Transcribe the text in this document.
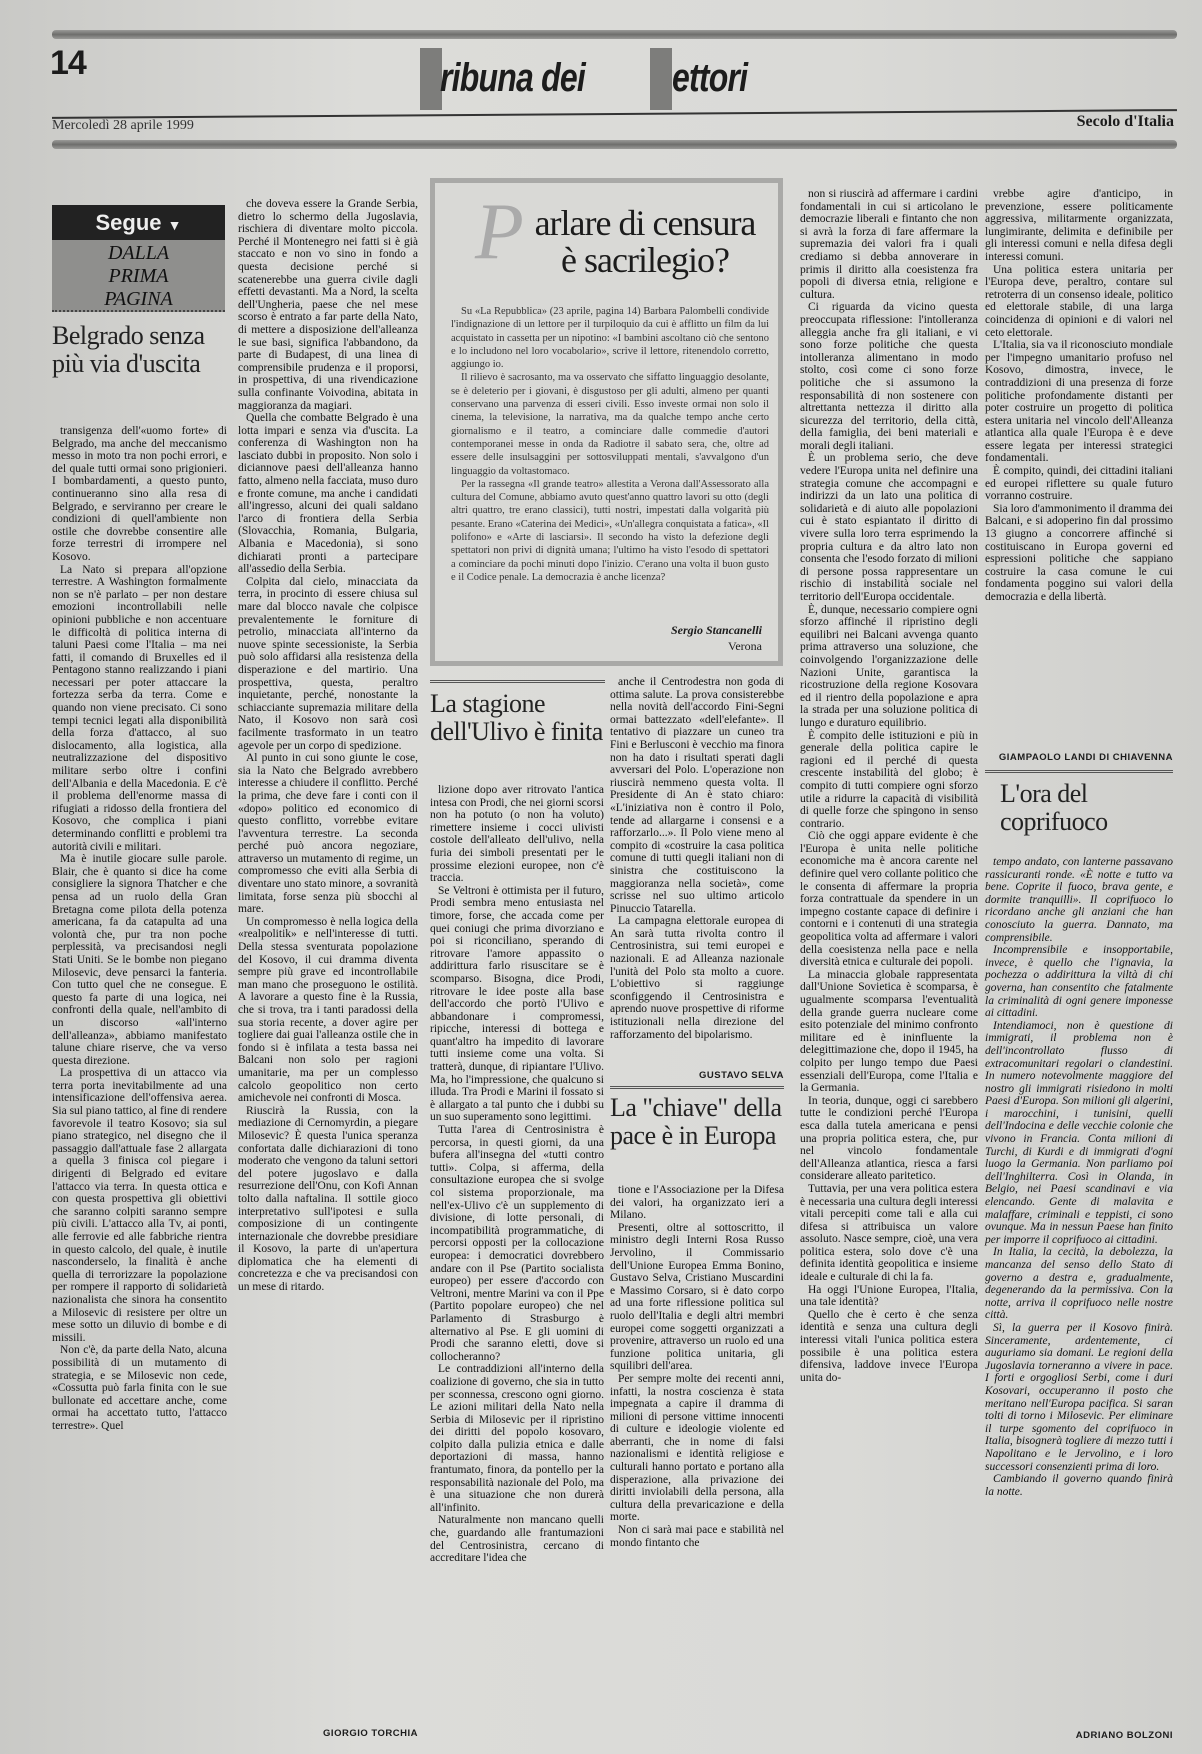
14	ribuna dei ettori
Mercoledì 28 aprile 1999	Secolo d'Italia
Segue ▼
DALLA
PRIMA
PAGINA
Belgrado senza più via d'uscita

transigenza dell'«uomo forte» di Belgrado, ma anche del meccanismo messo in moto tra non pochi errori, e del quale tutti ormai sono prigionieri. I bombardamenti, a questo punto, continueranno sino alla resa di Belgrado, e serviranno per creare le condizioni di quell'ambiente non ostile che dovrebbe consentire alle forze terrestri di irrompere nel Kosovo.

La Nato si prepara all'opzione terrestre. A Washington formalmente non se n'è parlato – per non destare emozioni incontrollabili nelle opinioni pubbliche e non accentuare le difficoltà di politica interna di taluni Paesi come l'Italia – ma nei fatti, il comando di Bruxelles ed il Pentagono stanno realizzando i piani necessari per poter attaccare la fortezza serba da terra. Come e quando non viene precisato. Ci sono tempi tecnici legati alla disponibilità della forza d'attacco, al suo dislocamento, alla logistica, alla neutralizzazione del dispositivo militare serbo oltre i confini dell'Albania e della Macedonia. E c'è il problema dell'enorme massa di rifugiati a ridosso della frontiera del Kosovo, che complica i piani determinando conflitti e problemi tra autorità civili e militari.

Ma è inutile giocare sulle parole. Blair, che è quanto si dice ha come consigliere la signora Thatcher e che pensa ad un ruolo della Gran Bretagna come pilota della potenza americana, fa da catapulta ad una volontà che, pur tra non poche perplessità, va precisandosi negli Stati Uniti. Se le bombe non piegano Milosevic, deve pensarci la fanteria. Con tutto quel che ne consegue. E questo fa parte di una logica, nei confronti della quale, nell'ambito di un discorso «all'interno dell'alleanza», abbiamo manifestato talune chiare riserve, che va verso questa direzione.

La prospettiva di un attacco via terra porta inevitabilmente ad una intensificazione dell'offensiva aerea. Sia sul piano tattico, al fine di rendere favorevole il teatro Kosovo; sia sul piano strategico, nel disegno che il passaggio dall'attuale fase 2 allargata a quella 3 finisca col piegare i dirigenti di Belgrado ed evitare l'attacco via terra. In questa ottica e con questa prospettiva gli obiettivi che saranno colpiti saranno sempre più civili. L'attacco alla Tv, ai ponti, alle ferrovie ed alle fabbriche rientra in questo calcolo, del quale, è inutile nasconderselo, la finalità è anche quella di terrorizzare la popolazione per rompere il rapporto di solidarietà nazionalista che sinora ha consentito a Milosevic di resistere per oltre un mese sotto un diluvio di bombe e di missili.

Non c'è, da parte della Nato, alcuna possibilità di un mutamento di strategia, e se Milosevic non cede, «Cossutta può farla finita con le sue bullonate ed accettare anche, come ormai ha accettato tutto, l'attacco terrestre». Quel

che doveva essere la Grande Serbia, dietro lo schermo della Jugoslavia, rischiera di diventare molto piccola. Perché il Montenegro nei fatti si è già staccato e non vo sino in fondo a questa decisione perché si scatenerebbe una guerra civile dagli effetti devastanti. Ma a Nord, la scelta dell'Ungheria, paese che nel mese scorso è entrato a far parte della Nato, di mettere a disposizione dell'alleanza le sue basi, significa l'abbandono, da parte di Budapest, di una linea di comprensibile prudenza e il proporsi, in prospettiva, di una rivendicazione sulla confinante Voivodina, abitata in maggioranza da magiari.

Quella che combatte Belgrado è una lotta impari e senza via d'uscita. La conferenza di Washington non ha lasciato dubbi in proposito. Non solo i diciannove paesi dell'alleanza hanno fatto, almeno nella facciata, muso duro e fronte comune, ma anche i candidati all'ingresso, alcuni dei quali saldano l'arco di frontiera della Serbia (Slovacchia, Romania, Bulgaria, Albania e Macedonia), si sono dichiarati pronti a partecipare all'assedio della Serbia.

Colpita dal cielo, minacciata da terra, in procinto di essere chiusa sul mare dal blocco navale che colpisce prevalentemente le forniture di petrolio, minacciata all'interno da nuove spinte secessioniste, la Serbia può solo affidarsi alla resistenza della disperazione e del martirio. Una prospettiva, questa, peraltro inquietante, perché, nonostante la schiacciante supremazia militare della Nato, il Kosovo non sarà così facilmente trasformato in un teatro agevole per un corpo di spedizione.

Al punto in cui sono giunte le cose, sia la Nato che Belgrado avrebbero interesse a chiudere il conflitto. Perché la prima, che deve fare i conti con il «dopo» politico ed economico di questo conflitto, vorrebbe evitare l'avventura terrestre. La seconda perché può ancora negoziare, attraverso un mutamento di regime, un compromesso che eviti alla Serbia di diventare uno stato minore, a sovranità limitata, forse senza più sbocchi al mare.

Un compromesso è nella logica della «realpolitik» e nell'interesse di tutti. Della stessa sventurata popolazione del Kosovo, il cui dramma diventa sempre più grave ed incontrollabile man mano che proseguono le ostilità. A lavorare a questo fine è la Russia, che si trova, tra i tanti paradossi della sua storia recente, a dover agire per togliere dai guai l'alleanza ostile che in fondo si è infilata a testa bassa nei Balcani non solo per ragioni umanitarie, ma per un complesso calcolo geopolitico non certo amichevole nei confronti di Mosca.

Riuscirà la Russia, con la mediazione di Cernomyrdin, a piegare Milosevic? È questa l'unica speranza confortata dalle dichiarazioni di tono moderato che vengono da taluni settori del potere jugoslavo e dalla resurrezione dell'Onu, con Kofi Annan tolto dalla naftalina. Il sottile gioco interpretativo sull'ipotesi e sulla composizione di un contingente internazionale che dovrebbe presidiare il Kosovo, la parte di un'apertura diplomatica che ha elementi di concretezza e che va precisandosi con un mese di ritardo.

GIORGIO TORCHIA
P arlare di censura è sacrilegio?

Su «La Repubblica» (23 aprile, pagina 14) Barbara Palombelli condivide l'indignazione di un lettore per il turpiloquio da cui è afflitto un film da lui acquistato in cassetta per un nipotino: «I bambini ascoltano ciò che sentono e lo includono nel loro vocabolario», scrive il lettore, ritenendolo corretto, aggiungo io.

Il rilievo è sacrosanto, ma va osservato che siffatto linguaggio desolante, se è deleterio per i giovani, è disgustoso per gli adulti, almeno per quanti conservano una parvenza di esseri civili. Esso investe ormai non solo il cinema, la televisione, la narrativa, ma da qualche tempo anche certo giornalismo e il teatro, a cominciare dalle commedie d'autori contemporanei messe in onda da Radiotre il sabato sera, che, oltre ad essere delle insulsaggini per sottosviluppati mentali, s'avvalgono d'un linguaggio da voltastomaco.

Per la rassegna «Il grande teatro» allestita a Verona dall'Assessorato alla cultura del Comune, abbiamo avuto quest'anno quattro lavori su otto (degli altri quattro, tre erano classici), tutti nostri, impestati dalla volgarità più pesante. Erano «Caterina dei Medici», «Un'allegra conquistata a fatica», «Il polifono» e «Arte di lasciarsi». Il secondo ha visto la defezione degli spettatori non privi di dignità umana; l'ultimo ha visto l'esodo di spettatori a cominciare da pochi minuti dopo l'inizio. C'erano una volta il buon gusto e il Codice penale. La democrazia è anche licenza?

Sergio Stancanelli
Verona
La stagione dell'Ulivo è finita

lizione dopo aver ritrovato l'antica intesa con Prodi, che nei giorni scorsi non ha potuto (o non ha voluto) rimettere insieme i cocci ulivisti costole dell'alleato dell'ulivo, nella furia dei simboli presentati per le prossime elezioni europee, non c'è traccia.

Se Veltroni è ottimista per il futuro, Prodi sembra meno entusiasta nel timore, forse, che accada come per quei coniugi che prima divorziano e poi si riconciliano, sperando di ritrovare l'amore appassito o addirittura farlo risuscitare se è scomparso. Bisogna, dice Prodi, ritrovare le idee poste alla base dell'accordo che portò l'Ulivo e abbandonare i compromessi, ripicche, interessi di bottega e quant'altro ha impedito di lavorare tutti insieme come una volta. Si tratterà, dunque, di ripiantare l'Ulivo. Ma, ho l'impressione, che qualcuno si illuda. Tra Prodi e Marini il fossato si è allargato a tal punto che i dubbi su un suo superamento sono legittimi.

Tutta l'area di Centrosinistra è percorsa, in questi giorni, da una bufera all'insegna del «tutti contro tutti». Colpa, si afferma, della consultazione europea che si svolge col sistema proporzionale, ma nell'ex-Ulivo c'è un supplemento di divisione, di lotte personali, di incompatibilità programmatiche, di percorsi opposti per la collocazione europea: i democratici dovrebbero andare con il Pse (Partito socialista europeo) per essere d'accordo con Veltroni, mentre Marini va con il Ppe (Partito popolare europeo) che nel Parlamento di Strasburgo è alternativo al Pse. E gli uomini di Prodi che saranno eletti, dove si collocheranno?

Le contraddizioni all'interno della coalizione di governo, che sia in tutto per sconnessa, crescono ogni giorno. Le azioni militari della Nato nella Serbia di Milosevic per il ripristino dei diritti del popolo kosovaro, colpito dalla pulizia etnica e dalle deportazioni di massa, hanno frantumato, finora, da pontello per la responsabilità nazionale del Polo, ma è una situazione che non durerà all'infinito.

Naturalmente non mancano quelli che, guardando alle frantumazioni del Centrosinistra, cercano di accreditare l'idea che

anche il Centrodestra non goda di ottima salute. La prova consisterebbe nella novità dell'accordo Fini-Segni ormai battezzato «dell'elefante». Il tentativo di piazzare un cuneo tra Fini e Berlusconi è vecchio ma finora non ha dato i risultati sperati dagli avversari del Polo. L'operazione non riuscirà nemmeno questa volta. Il Presidente di An è stato chiaro: «L'iniziativa non è contro il Polo, tende ad allargarne i consensi e a rafforzarlo...». Il Polo viene meno al compito di «costruire la casa politica comune di tutti quegli italiani non di sinistra che costituiscono la maggioranza nella società», come scrisse nel suo ultimo articolo Pinuccio Tatarella.

La campagna elettorale europea di An sarà tutta rivolta contro il Centrosinistra, sui temi europei e nazionali. E ad Alleanza nazionale l'unità del Polo sta molto a cuore. L'obiettivo si raggiunge sconfiggendo il Centrosinistra e aprendo nuove prospettive di riforme istituzionali nella direzione del rafforzamento del bipolarismo.

GUSTAVO SELVA
La "chiave" della pace è in Europa

tione e l'Associazione per la Difesa dei valori, ha organizzato ieri a Milano.

Presenti, oltre al sottoscritto, il ministro degli Interni Rosa Russo Jervolino, il Commissario dell'Unione Europea Emma Bonino, Gustavo Selva, Cristiano Muscardini e Massimo Corsaro, si è dato corpo ad una forte riflessione politica sul ruolo dell'Italia e degli altri membri europei come soggetti organizzati a provenire, attraverso un ruolo ed una funzione politica unitaria, gli squilibri dell'area.

Per sempre molte dei recenti anni, infatti, la nostra coscienza è stata impegnata a capire il dramma di milioni di persone vittime innocenti di culture e ideologie violente ed aberranti, che in nome di falsi nazionalismi e identità religiose e culturali hanno portato e portano alla disperazione, alla privazione dei diritti inviolabili della persona, alla cultura della prevaricazione e della morte.

Non ci sarà mai pace e stabilità nel mondo fintanto che

non si riuscirà ad affermare i cardini fondamentali in cui si articolano le democrazie liberali e fintanto che non si avrà la forza di fare affermare la supremazia dei valori fra i quali crediamo si debba annoverare in primis il diritto alla coesistenza fra popoli di diversa etnia, religione e cultura.

Ci riguarda da vicino questa preoccupata riflessione: l'intolleranza alleggia anche fra gli italiani, e vi sono forze politiche che questa intolleranza alimentano in modo stolto, così come ci sono forze politiche che si assumono la responsabilità di non sostenere con altrettanta nettezza il diritto alla sicurezza del territorio, della città, della famiglia, dei beni materiali e morali degli italiani.

È un problema serio, che deve vedere l'Europa unita nel definire una strategia comune che accompagni e indirizzi da un lato una politica di solidarietà e di aiuto alle popolazioni cui è stato espiantato il diritto di vivere sulla loro terra esprimendo la propria cultura e da altro lato non consenta che l'esodo forzato di milioni di persone possa rappresentare un rischio di instabilità sociale nel territorio dell'Europa occidentale.

È, dunque, necessario compiere ogni sforzo affinché il ripristino degli equilibri nei Balcani avvenga quanto prima attraverso una soluzione, che coinvolgendo l'organizzazione delle Nazioni Unite, garantisca la ricostruzione della regione Kosovara ed il rientro della popolazione e apra la strada per una soluzione politica di lungo e duraturo equilibrio.

È compito delle istituzioni e più in generale della politica capire le ragioni ed il perché di questa crescente instabilità del globo; è compito di tutti compiere ogni sforzo utile a ridurre la capacità di visibilità di quelle forze che spingono in senso contrario.

Ciò che oggi appare evidente è che l'Europa è unita nelle politiche economiche ma è ancora carente nel definire quel vero collante politico che le consenta di affermare la propria forza contrattuale da spendere in un impegno costante capace di definire i contorni e i contenuti di una strategia geopolitica volta ad affermare i valori della coesistenza nella pace e nella diversità etnica e culturale dei popoli.

La minaccia globale rappresentata dall'Unione Sovietica è scomparsa, è ugualmente scomparsa l'eventualità della grande guerra nucleare come esito potenziale del minimo confronto militare ed è ininfluente la delegittimazione che, dopo il 1945, ha colpito per lungo tempo due Paesi essenziali dell'Europa, come l'Italia e la Germania.

In teoria, dunque, oggi ci sarebbero tutte le condizioni perché l'Europa esca dalla tutela americana e pensi una propria politica estera, che, pur nel vincolo fondamentale dell'Alleanza atlantica, riesca a farsi considerare alleato paritetico.

Tuttavia, per una vera politica estera è necessaria una cultura degli interessi vitali percepiti come tali e alla cui difesa si attribuisca un valore assoluto. Nasce sempre, cioè, una vera politica estera, solo dove c'è una definita identità geopolitica e insieme ideale e culturale di chi la fa.

Ha oggi l'Unione Europea, l'Italia, una tale identità?

Quello che è certo è che senza identità e senza una cultura degli interessi vitali l'unica politica estera possibile è una politica estera difensiva, laddove invece l'Europa unita do-

vrebbe agire d'anticipo, in prevenzione, essere politicamente aggressiva, militarmente organizzata, lungimirante, delimita e definibile per gli interessi comuni e nella difesa degli interessi comuni.

Una politica estera unitaria per l'Europa deve, peraltro, contare sul retroterra di un consenso ideale, politico ed elettorale stabile, di una larga coincidenza di opinioni e di valori nel ceto elettorale.

L'Italia, sia va il riconosciuto mondiale per l'impegno umanitario profuso nel Kosovo, dimostra, invece, le contraddizioni di una presenza di forze politiche profondamente distanti per poter costruire un progetto di politica estera unitaria nel vincolo dell'Alleanza atlantica alla quale l'Europa è e deve essere legata per interessi strategici fondamentali.

È compito, quindi, dei cittadini italiani ed europei riflettere su quale futuro vorranno costruire.

Sia loro d'ammonimento il dramma dei Balcani, e si adoperino fin dal prossimo 13 giugno a concorrere affinché si costituiscano in Europa governi ed espressioni politiche che sappiano costruire la casa comune le cui fondamenta poggino sui valori della democrazia e della libertà.

GIAMPAOLO LANDI DI CHIAVENNA
L'ora del coprifuoco

tempo andato, con lanterne passavano rassicuranti ronde. «È notte e tutto va bene. Coprite il fuoco, brava gente, e dormite tranquilli». Il coprifuoco lo ricordano anche gli anziani che han conosciuto la guerra. Dannato, ma comprensibile.

Incomprensibile e insopportabile, invece, è quello che l'ignavia, la pochezza o addirittura la viltà di chi governa, han consentito che fatalmente la criminalità di ogni genere imponesse ai cittadini.

Intendiamoci, non è questione di immigrati, il problema non è dell'incontrollato flusso di extracomunitari regolari o clandestini. In numero notevolmente maggiore del nostro gli immigrati risiedono in molti Paesi d'Europa. Son milioni gli algerini, i marocchini, i tunisini, quelli dell'Indocina e delle vecchie colonie che vivono in Francia. Conta milioni di Turchi, di Kurdi e di immigrati d'ogni luogo la Germania. Non parliamo poi dell'Inghilterra. Così in Olanda, in Belgio, nei Paesi scandinavi e via elencando. Gente di malavita e malaffare, criminali e teppisti, ci sono ovunque. Ma in nessun Paese han finito per imporre il coprifuoco ai cittadini.

In Italia, la cecità, la debolezza, la mancanza del senso dello Stato di governo a destra e, gradualmente, degenerando da la permissiva. Con la notte, arriva il coprifuoco nelle nostre città.

Sì, la guerra per il Kosovo finirà. Sinceramente, ardentemente, ci auguriamo sia domani. Le regioni della Jugoslavia torneranno a vivere in pace. I forti e orgogliosi Serbi, come i duri Kosovari, occuperanno il posto che meritano nell'Europa pacifica. Si saran tolti di torno i Milosevic. Per eliminare il turpe sgomento del coprifuoco in Italia, bisognerà togliere di mezzo tutti i Napolitano e le Jervolino, e i loro successori consenzienti prima di loro.

Cambiando il governo quando finirà la notte.

ADRIANO BOLZONI
